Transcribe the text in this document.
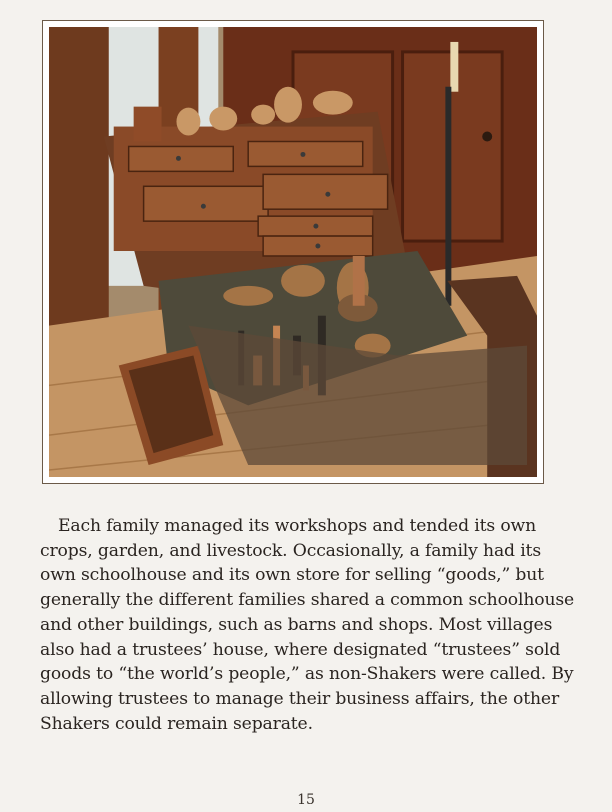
Each family managed its workshops and tended its own crops, garden, and livestock. Occasionally, a family had its own schoolhouse and its own store for selling “goods,” but generally the different families shared a common schoolhouse and other buildings, such as barns and shops. Most villages also had a trustees’ house, where designated “trustees” sold goods to “the world’s people,” as non-Shakers were called. By allowing trustees to manage their business affairs, the other Shakers could remain separate.

15
